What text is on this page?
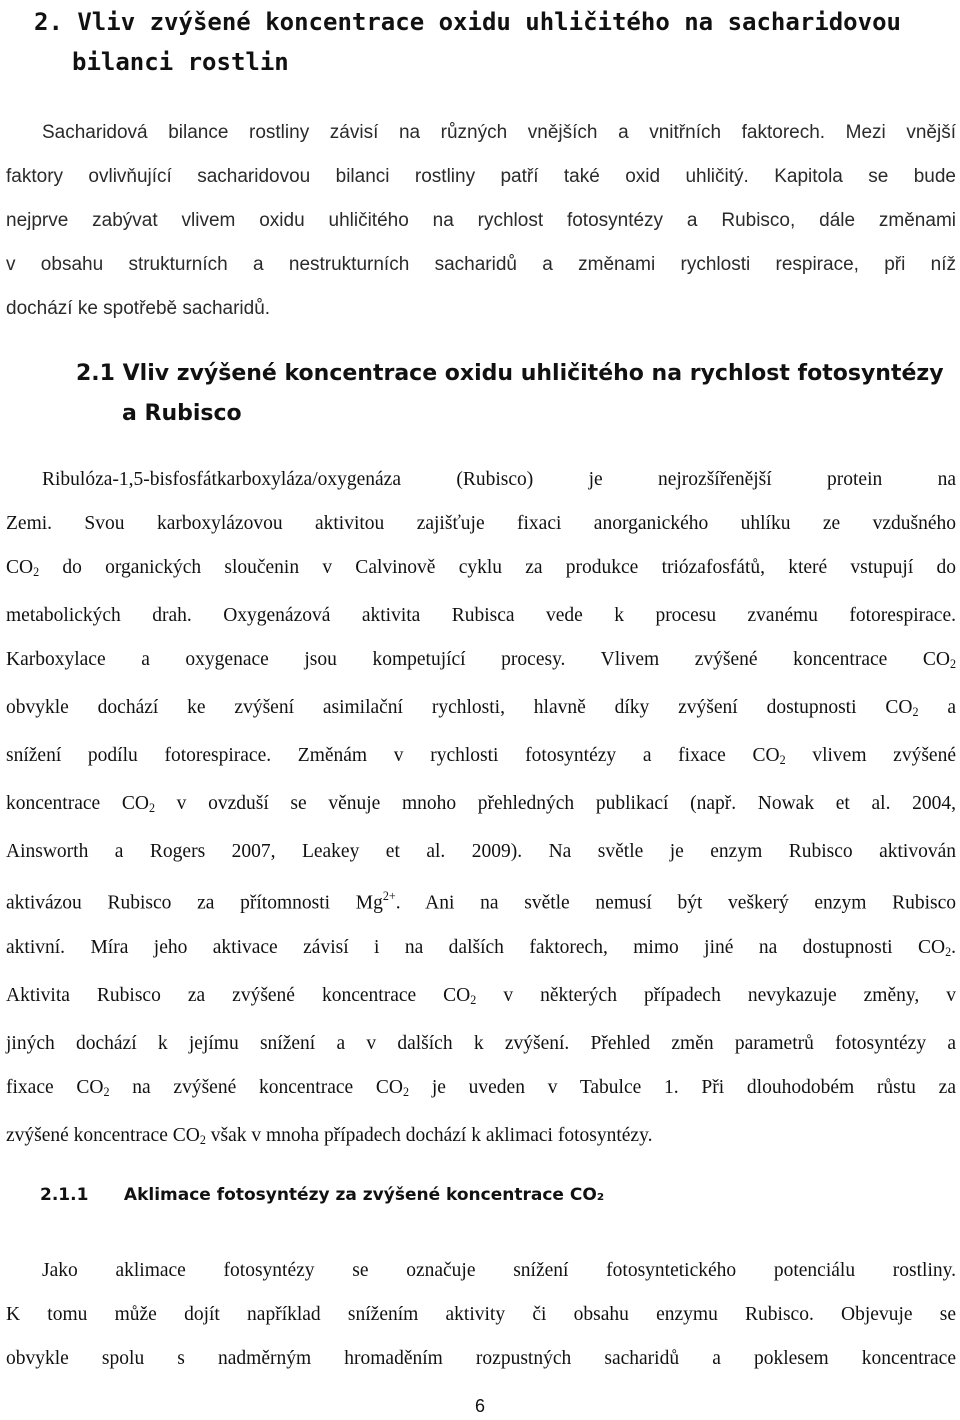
2. Vliv zvýšené koncentrace oxidu uhličitého na sacharidovou
bilanci rostlin
Sacharidová bilance rostliny závisí na různých vnějších a vnitřních faktorech. Mezi vnější
faktory ovlivňující sacharidovou bilanci rostliny patří také oxid uhličitý. Kapitola se bude
nejprve zabývat vlivem oxidu uhličitého na rychlost fotosyntézy a Rubisco, dále změnami
v obsahu strukturních a nestrukturních sacharidů a změnami rychlosti respirace, při níž
dochází ke spotřebě sacharidů.
2.1 Vliv zvýšené koncentrace oxidu uhličitého na rychlost fotosyntézy
a Rubisco
Ribulóza-1,5-bisfosfátkarboxyláza/oxygenáza (Rubisco) je nejrozšířenější protein na
Zemi. Svou karboxylázovou aktivitou zajišťuje fixaci anorganického uhlíku ze vzdušného
$CO_2$ do organických sloučenin v Calvinově cyklu za produkce triózafosfátů, které vstupují do
metabolických drah. Oxygenázová aktivita Rubisca vede k procesu zvanému fotorespirace.
Karboxylace a oxygenace jsou kompetující procesy. Vlivem zvýšené koncentrace $CO_2$
obvykle dochází ke zvýšení asimilační rychlosti, hlavně díky zvýšení dostupnosti $CO_2$ a
snížení podílu fotorespirace. Změnám v rychlosti fotosyntézy a fixace $CO_2$ vlivem zvýšené
koncentrace $CO_2$ v ovzduší se věnuje mnoho přehledných publikací (např. Nowak et al. 2004,
Ainsworth a Rogers 2007, Leakey et al. 2009). Na světle je enzym Rubisco aktivován
aktivázou Rubisco za přítomnosti $Mg^{2+}$. Ani na světle nemusí být veškerý enzym Rubisco
aktivní. Míra jeho aktivace závisí i na dalších faktorech, mimo jiné na dostupnosti $CO_2$.
Aktivita Rubisco za zvýšené koncentrace $CO_2$ v některých případech nevykazuje změny, v
jiných dochází k jejímu snížení a v dalších k zvýšení. Přehled změn parametrů fotosyntézy a
fixace $CO_2$ na zvýšené koncentrace $CO_2$ je uveden v Tabulce 1. Při dlouhodobém růstu za
zvýšené koncentrace $CO_2$ však v mnoha případech dochází k aklimaci fotosyntézy.
2.1.1 Aklimace fotosyntézy za zvýšené koncentrace CO₂
Jako aklimace fotosyntézy se označuje snížení fotosyntetického potenciálu rostliny.
K tomu může dojít například snížením aktivity či obsahu enzymu Rubisco. Objevuje se
obvykle spolu s nadměrným hromaděním rozpustných sacharidů a poklesem koncentrace
6
